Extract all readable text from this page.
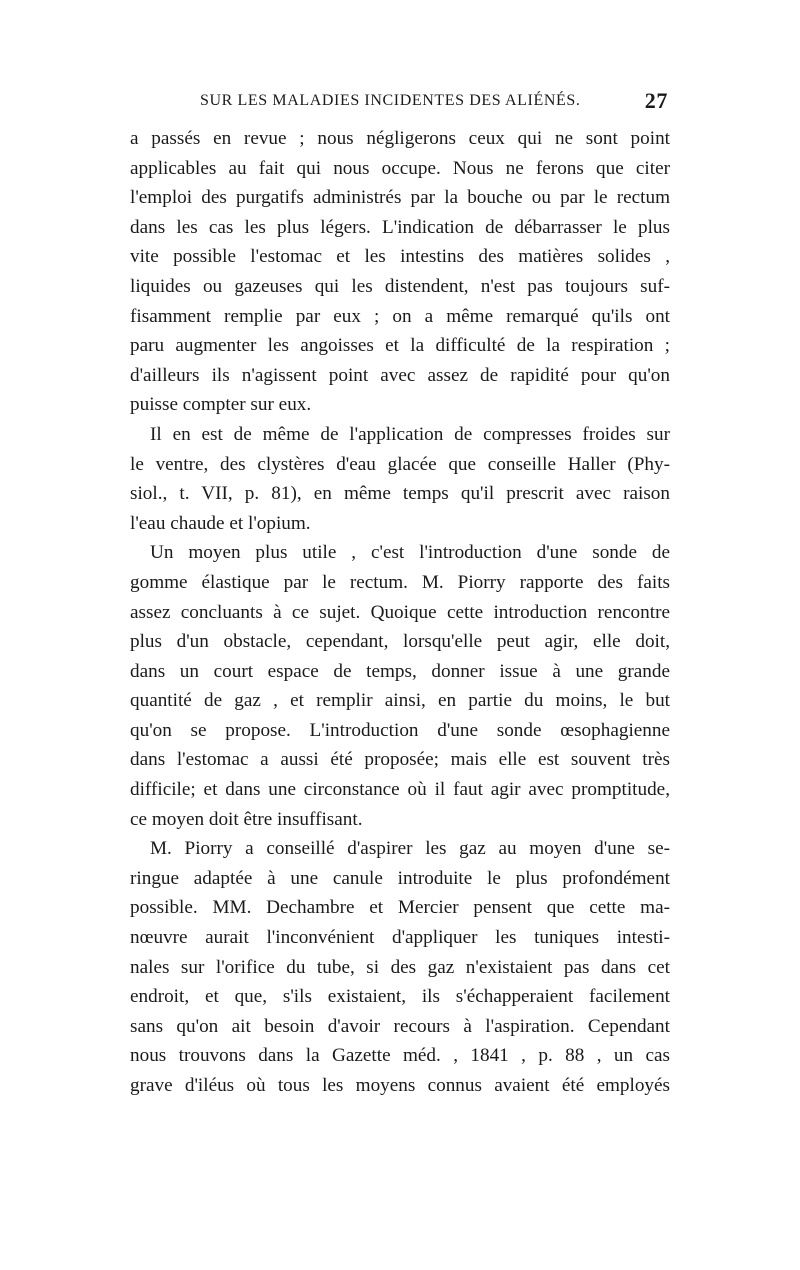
SUR LES MALADIES INCIDENTES DES ALIÉNÉS.	27
a passés en revue ; nous négligerons ceux qui ne sont point
applicables au fait qui nous occupe. Nous ne ferons que citer
l'emploi des purgatifs administrés par la bouche ou par le rectum
dans les cas les plus légers. L'indication de débarrasser le plus
vite possible l'estomac et les intestins des matières solides ,
liquides ou gazeuses qui les distendent, n'est pas toujours suf-
fisamment remplie par eux ; on a même remarqué qu'ils ont
paru augmenter les angoisses et la difficulté de la respiration ;
d'ailleurs ils n'agissent point avec assez de rapidité pour qu'on
puisse compter sur eux.
Il en est de même de l'application de compresses froides sur
le ventre, des clystères d'eau glacée que conseille Haller (Phy-
siol., t. VII, p. 81), en même temps qu'il prescrit avec raison
l'eau chaude et l'opium.
Un moyen plus utile , c'est l'introduction d'une sonde de
gomme élastique par le rectum. M. Piorry rapporte des faits
assez concluants à ce sujet. Quoique cette introduction rencontre
plus d'un obstacle, cependant, lorsqu'elle peut agir, elle doit,
dans un court espace de temps, donner issue à une grande
quantité de gaz , et remplir ainsi, en partie du moins, le but
qu'on se propose. L'introduction d'une sonde œsophagienne
dans l'estomac a aussi été proposée; mais elle est souvent très
difficile; et dans une circonstance où il faut agir avec promptitude,
ce moyen doit être insuffisant.
M. Piorry a conseillé d'aspirer les gaz au moyen d'une se-
ringue adaptée à une canule introduite le plus profondément
possible. MM. Dechambre et Mercier pensent que cette ma-
nœuvre aurait l'inconvénient d'appliquer les tuniques intesti-
nales sur l'orifice du tube, si des gaz n'existaient pas dans cet
endroit, et que, s'ils existaient, ils s'échapperaient facilement
sans qu'on ait besoin d'avoir recours à l'aspiration. Cependant
nous trouvons dans la Gazette méd. , 1841 , p. 88 , un cas
grave d'iléus où tous les moyens connus avaient été employés
